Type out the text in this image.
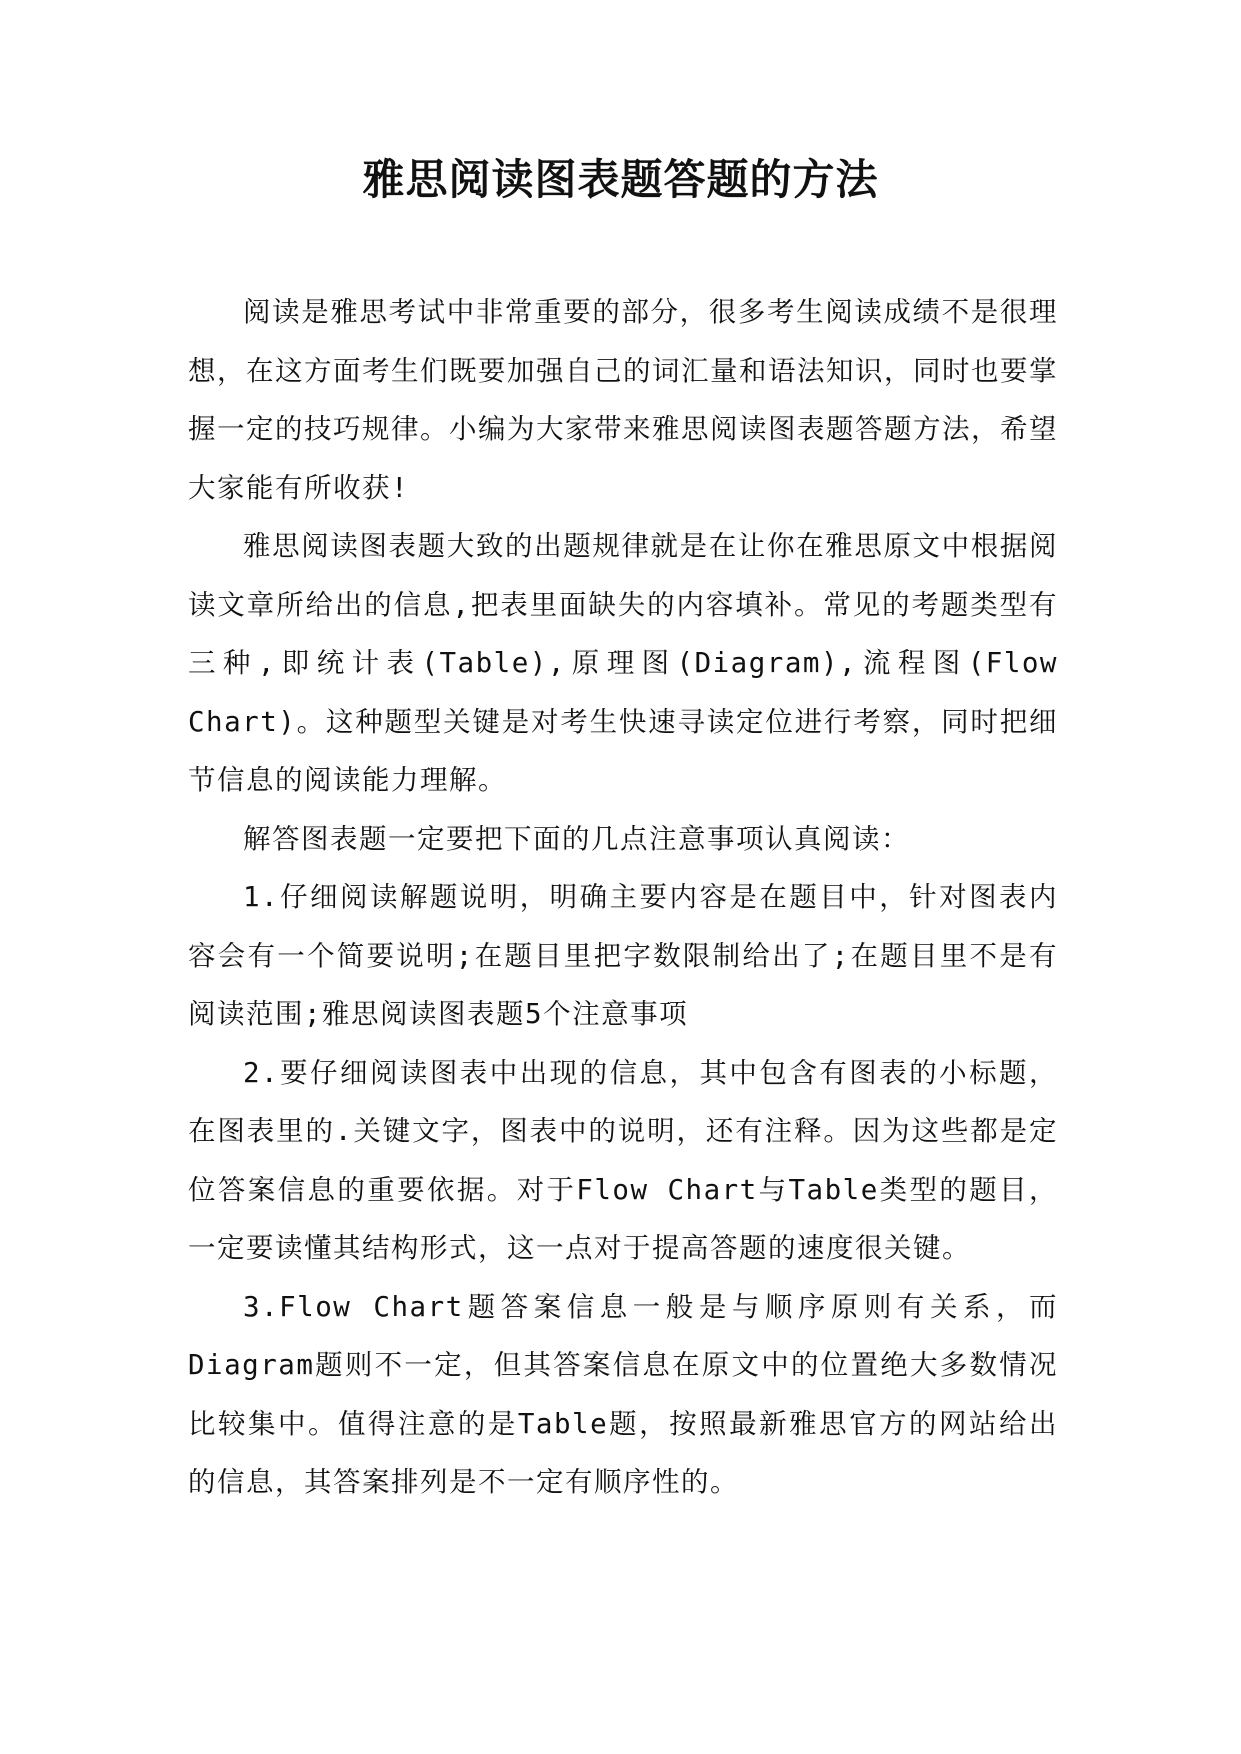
雅思阅读图表题答题的方法

阅读是雅思考试中非常重要的部分，很多考生阅读成绩不是很理想，在这方面考生们既要加强自己的词汇量和语法知识，同时也要掌握一定的技巧规律。小编为大家带来雅思阅读图表题答题方法，希望大家能有所收获!

雅思阅读图表题大致的出题规律就是在让你在雅思原文中根据阅读文章所给出的信息,把表里面缺失的内容填补。常见的考题类型有三种,即统计表(Table),原理图(Diagram),流程图(Flow Chart)。这种题型关键是对考生快速寻读定位进行考察，同时把细节信息的阅读能力理解。

解答图表题一定要把下面的几点注意事项认真阅读：

1.仔细阅读解题说明，明确主要内容是在题目中，针对图表内容会有一个简要说明;在题目里把字数限制给出了;在题目里不是有阅读范围;雅思阅读图表题5个注意事项

2.要仔细阅读图表中出现的信息，其中包含有图表的小标题，在图表里的.关键文字，图表中的说明，还有注释。因为这些都是定位答案信息的重要依据。对于Flow Chart与Table类型的题目，一定要读懂其结构形式，这一点对于提高答题的速度很关键。

3.Flow Chart题答案信息一般是与顺序原则有关系，而Diagram题则不一定，但其答案信息在原文中的位置绝大多数情况比较集中。值得注意的是Table题，按照最新雅思官方的网站给出的信息，其答案排列是不一定有顺序性的。
